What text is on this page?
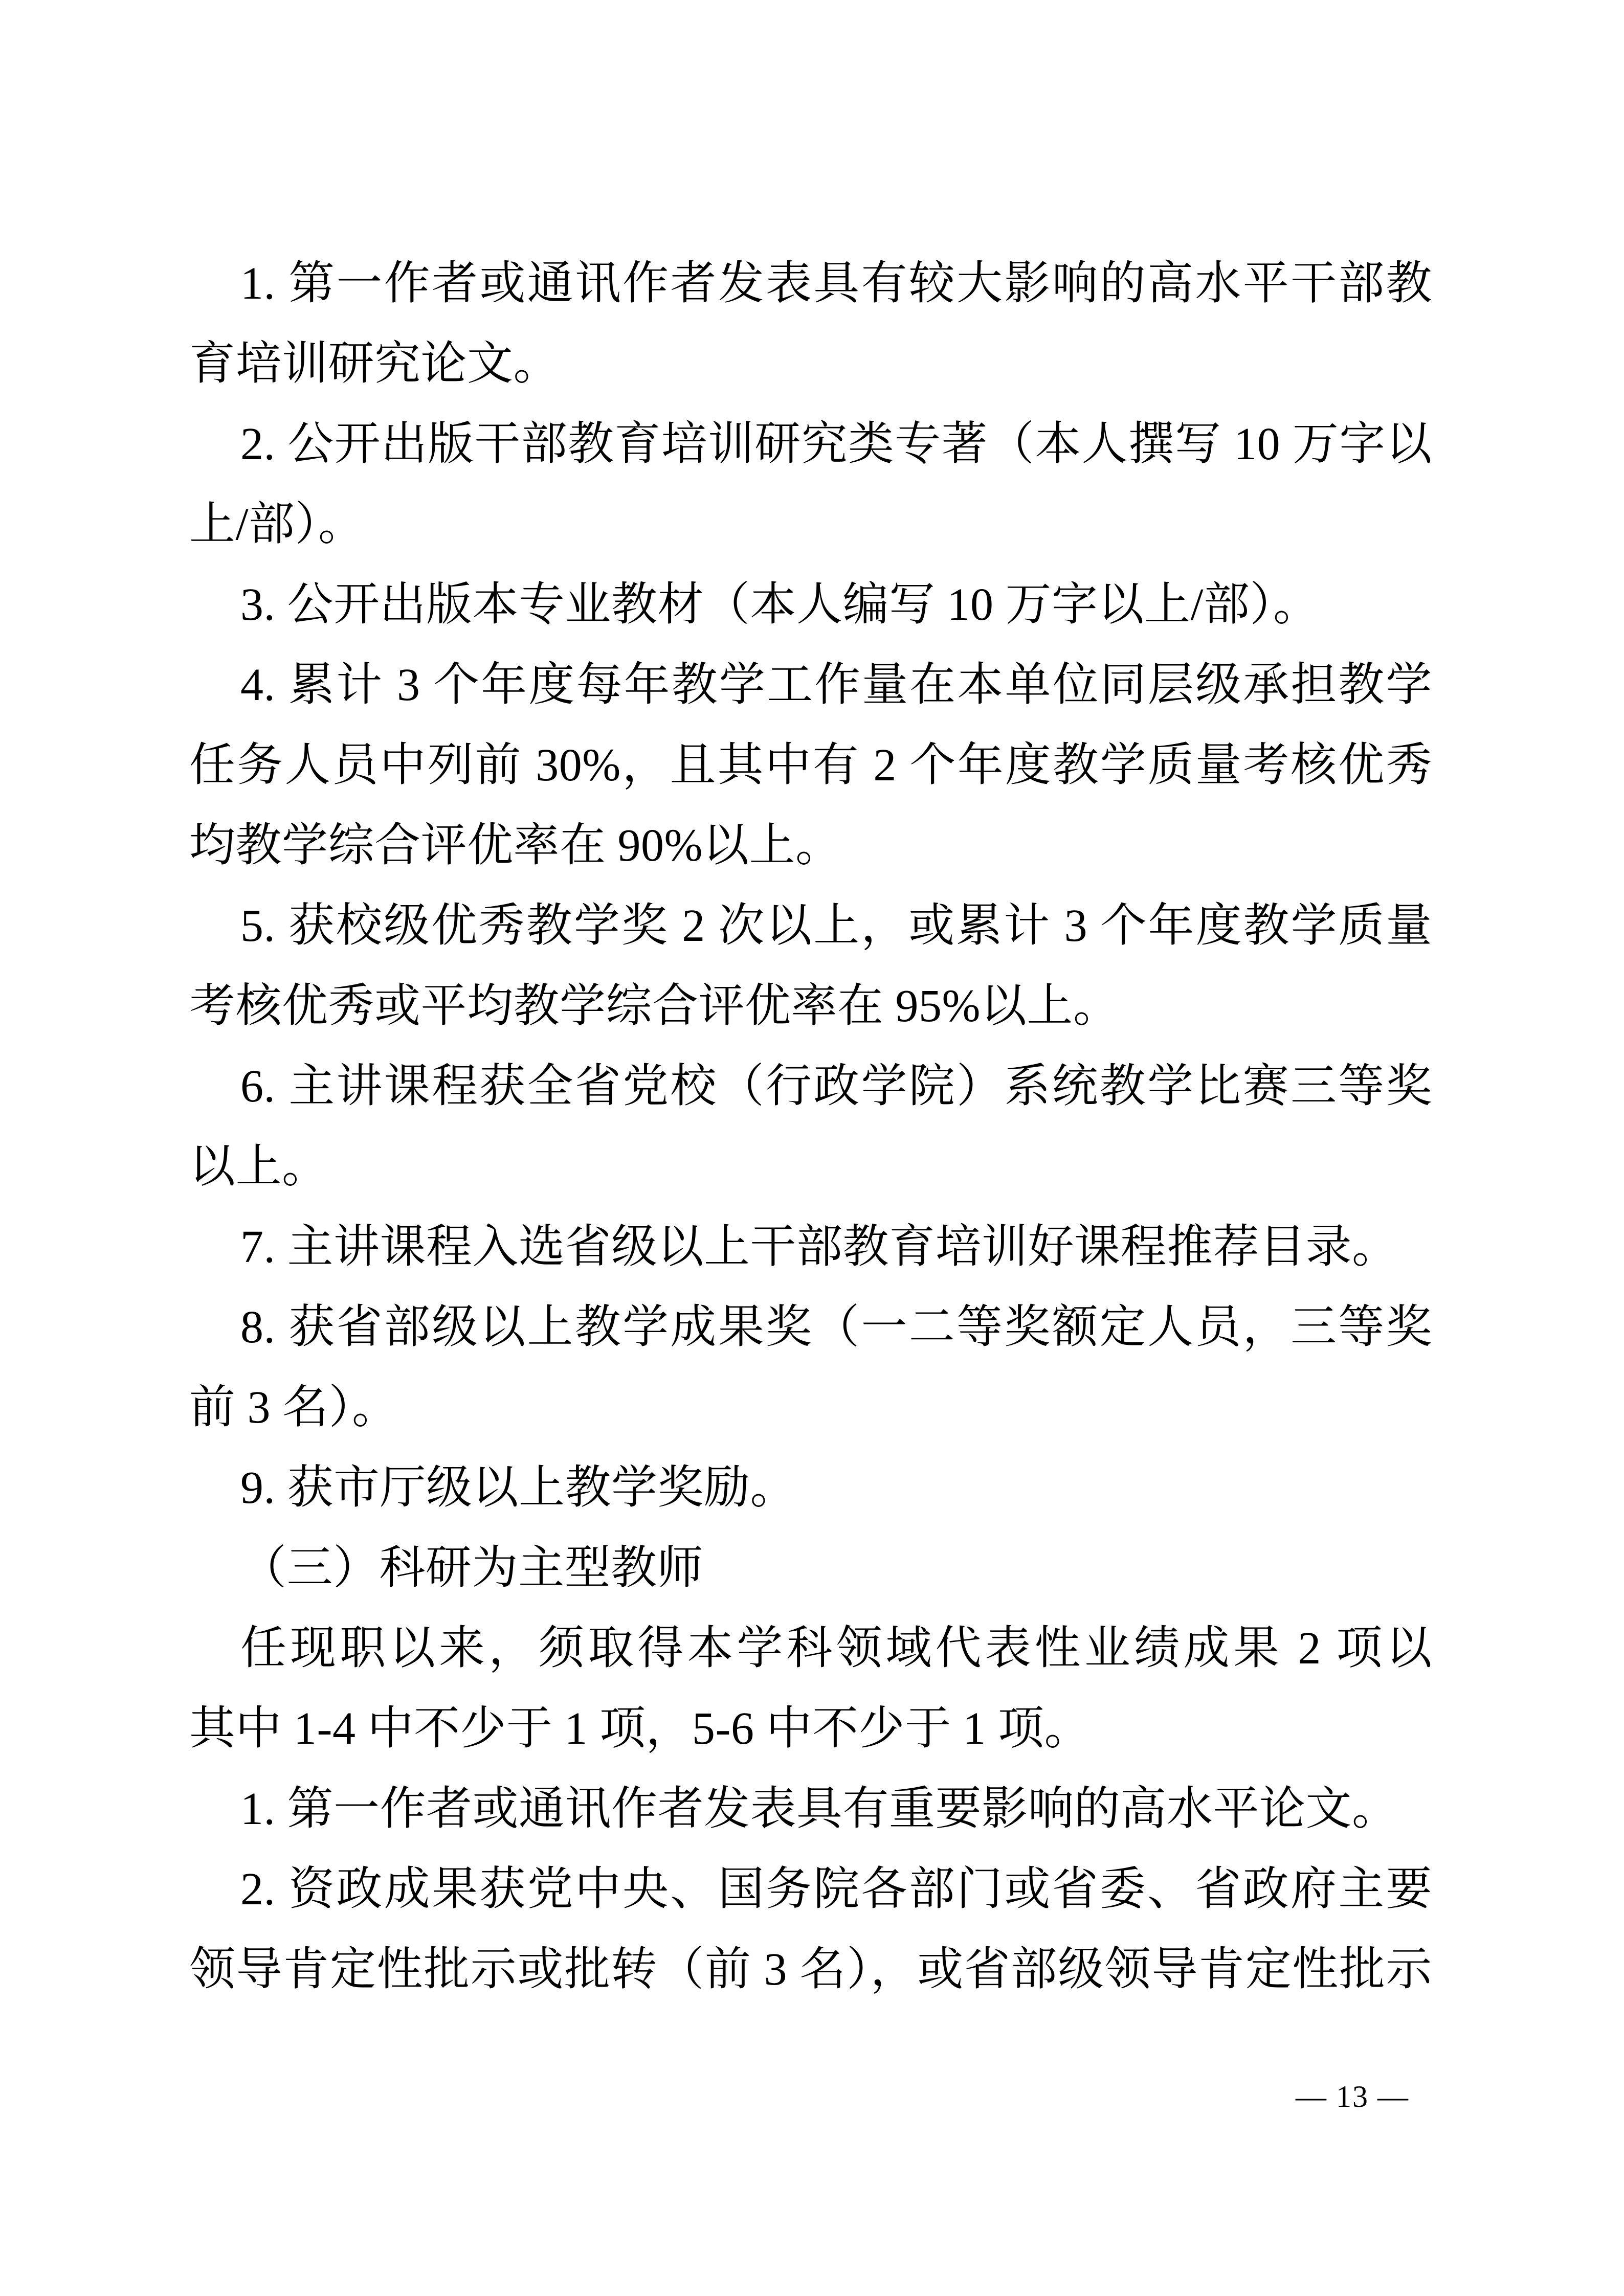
1. 第一作者或通讯作者发表具有较大影响的高水平干部教
育培训研究论文。
2. 公开出版干部教育培训研究类专著（本人撰写 10 万字以
上/部）。
3. 公开出版本专业教材（本人编写 10 万字以上/部）。
4. 累计 3 个年度每年教学工作量在本单位同层级承担教学
任务人员中列前 30%，且其中有 2 个年度教学质量考核优秀
均教学综合评优率在 90%以上。
5. 获校级优秀教学奖 2 次以上，或累计 3 个年度教学质量
考核优秀或平均教学综合评优率在 95%以上。
6. 主讲课程获全省党校（行政学院）系统教学比赛三等奖
以上。
7. 主讲课程入选省级以上干部教育培训好课程推荐目录。
8. 获省部级以上教学成果奖（一二等奖额定人员，三等奖
前 3 名）。
9. 获市厅级以上教学奖励。
（三）科研为主型教师
任现职以来，须取得本学科领域代表性业绩成果 2 项以
其中 1-4 中不少于 1 项，5-6 中不少于 1 项。
1. 第一作者或通讯作者发表具有重要影响的高水平论文。
2. 资政成果获党中央、国务院各部门或省委、省政府主要
领导肯定性批示或批转（前 3 名），或省部级领导肯定性批示
— 13 —
